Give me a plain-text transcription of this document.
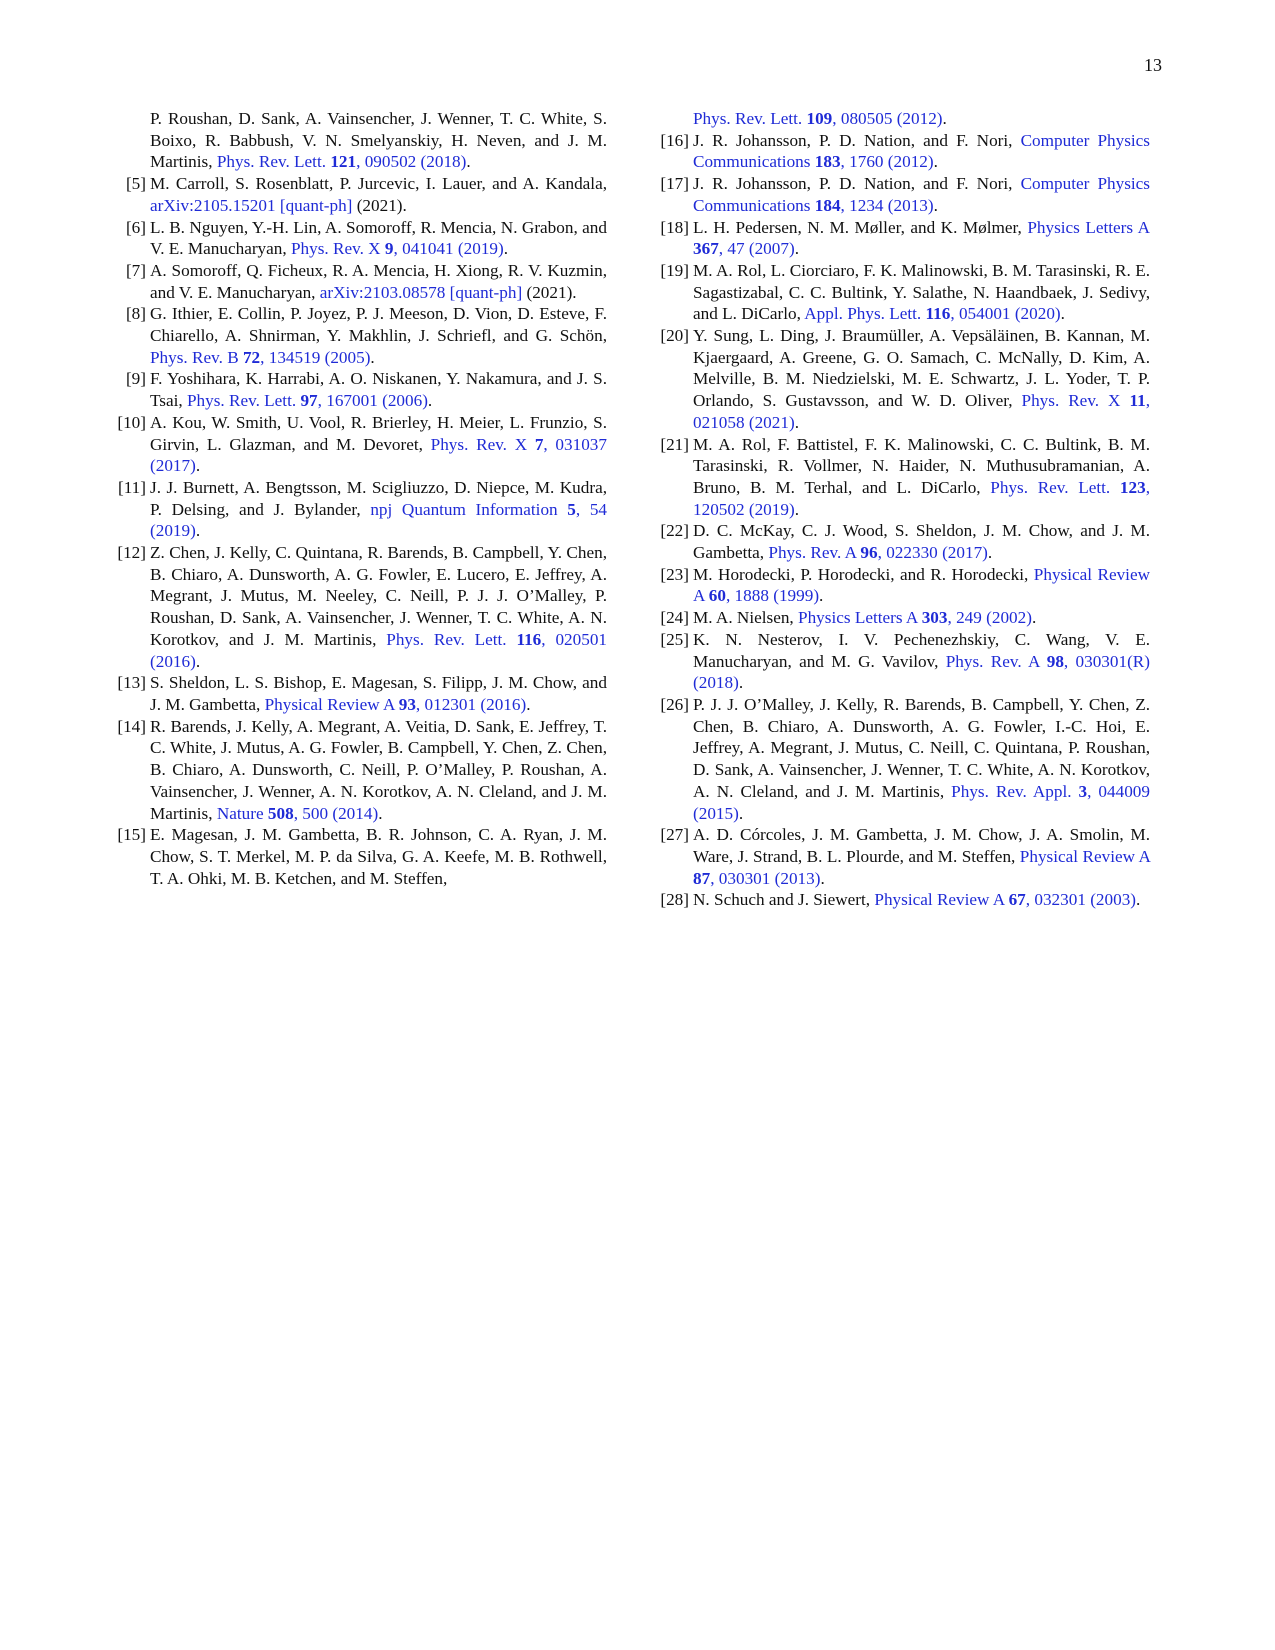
13

P. Roushan, D. Sank, A. Vainsencher, J. Wenner, T. C. White, S. Boixo, R. Babbush, V. N. Smelyanskiy, H. Neven, and J. M. Martinis, Phys. Rev. Lett. 121, 090502 (2018).

[5] M. Carroll, S. Rosenblatt, P. Jurcevic, I. Lauer, and A. Kandala, arXiv:2105.15201 [quant-ph] (2021).

[6] L. B. Nguyen, Y.-H. Lin, A. Somoroff, R. Mencia, N. Grabon, and V. E. Manucharyan, Phys. Rev. X 9, 041041 (2019).

[7] A. Somoroff, Q. Ficheux, R. A. Mencia, H. Xiong, R. V. Kuzmin, and V. E. Manucharyan, arXiv:2103.08578 [quant-ph] (2021).

[8] G. Ithier, E. Collin, P. Joyez, P. J. Meeson, D. Vion, D. Esteve, F. Chiarello, A. Shnirman, Y. Makhlin, J. Schriefl, and G. Schön, Phys. Rev. B 72, 134519 (2005).

[9] F. Yoshihara, K. Harrabi, A. O. Niskanen, Y. Nakamura, and J. S. Tsai, Phys. Rev. Lett. 97, 167001 (2006).

[10] A. Kou, W. Smith, U. Vool, R. Brierley, H. Meier, L. Frunzio, S. Girvin, L. Glazman, and M. Devoret, Phys. Rev. X 7, 031037 (2017).

[11] J. J. Burnett, A. Bengtsson, M. Scigliuzzo, D. Niepce, M. Kudra, P. Delsing, and J. Bylander, npj Quantum Information 5, 54 (2019).

[12] Z. Chen, J. Kelly, C. Quintana, R. Barends, B. Campbell, Y. Chen, B. Chiaro, A. Dunsworth, A. G. Fowler, E. Lucero, E. Jeffrey, A. Megrant, J. Mutus, M. Neeley, C. Neill, P. J. J. O’Malley, P. Roushan, D. Sank, A. Vainsencher, J. Wenner, T. C. White, A. N. Korotkov, and J. M. Martinis, Phys. Rev. Lett. 116, 020501 (2016).

[13] S. Sheldon, L. S. Bishop, E. Magesan, S. Filipp, J. M. Chow, and J. M. Gambetta, Physical Review A 93, 012301 (2016).

[14] R. Barends, J. Kelly, A. Megrant, A. Veitia, D. Sank, E. Jeffrey, T. C. White, J. Mutus, A. G. Fowler, B. Campbell, Y. Chen, Z. Chen, B. Chiaro, A. Dunsworth, C. Neill, P. O’Malley, P. Roushan, A. Vainsencher, J. Wenner, A. N. Korotkov, A. N. Cleland, and J. M. Martinis, Nature 508, 500 (2014).

[15] E. Magesan, J. M. Gambetta, B. R. Johnson, C. A. Ryan, J. M. Chow, S. T. Merkel, M. P. da Silva, G. A. Keefe, M. B. Rothwell, T. A. Ohki, M. B. Ketchen, and M. Steffen,

Phys. Rev. Lett. 109, 080505 (2012).

[16] J. R. Johansson, P. D. Nation, and F. Nori, Computer Physics Communications 183, 1760 (2012).

[17] J. R. Johansson, P. D. Nation, and F. Nori, Computer Physics Communications 184, 1234 (2013).

[18] L. H. Pedersen, N. M. Møller, and K. Mølmer, Physics Letters A 367, 47 (2007).

[19] M. A. Rol, L. Ciorciaro, F. K. Malinowski, B. M. Tarasinski, R. E. Sagastizabal, C. C. Bultink, Y. Salathe, N. Haandbaek, J. Sedivy, and L. DiCarlo, Appl. Phys. Lett. 116, 054001 (2020).

[20] Y. Sung, L. Ding, J. Braumüller, A. Vepsäläinen, B. Kannan, M. Kjaergaard, A. Greene, G. O. Samach, C. McNally, D. Kim, A. Melville, B. M. Niedzielski, M. E. Schwartz, J. L. Yoder, T. P. Orlando, S. Gustavsson, and W. D. Oliver, Phys. Rev. X 11, 021058 (2021).

[21] M. A. Rol, F. Battistel, F. K. Malinowski, C. C. Bultink, B. M. Tarasinski, R. Vollmer, N. Haider, N. Muthusubramanian, A. Bruno, B. M. Terhal, and L. DiCarlo, Phys. Rev. Lett. 123, 120502 (2019).

[22] D. C. McKay, C. J. Wood, S. Sheldon, J. M. Chow, and J. M. Gambetta, Phys. Rev. A 96, 022330 (2017).

[23] M. Horodecki, P. Horodecki, and R. Horodecki, Physical Review A 60, 1888 (1999).

[24] M. A. Nielsen, Physics Letters A 303, 249 (2002).

[25] K. N. Nesterov, I. V. Pechenezhskiy, C. Wang, V. E. Manucharyan, and M. G. Vavilov, Phys. Rev. A 98, 030301(R) (2018).

[26] P. J. J. O’Malley, J. Kelly, R. Barends, B. Campbell, Y. Chen, Z. Chen, B. Chiaro, A. Dunsworth, A. G. Fowler, I.-C. Hoi, E. Jeffrey, A. Megrant, J. Mutus, C. Neill, C. Quintana, P. Roushan, D. Sank, A. Vainsencher, J. Wenner, T. C. White, A. N. Korotkov, A. N. Cleland, and J. M. Martinis, Phys. Rev. Appl. 3, 044009 (2015).

[27] A. D. Córcoles, J. M. Gambetta, J. M. Chow, J. A. Smolin, M. Ware, J. Strand, B. L. Plourde, and M. Steffen, Physical Review A 87, 030301 (2013).

[28] N. Schuch and J. Siewert, Physical Review A 67, 032301 (2003).
